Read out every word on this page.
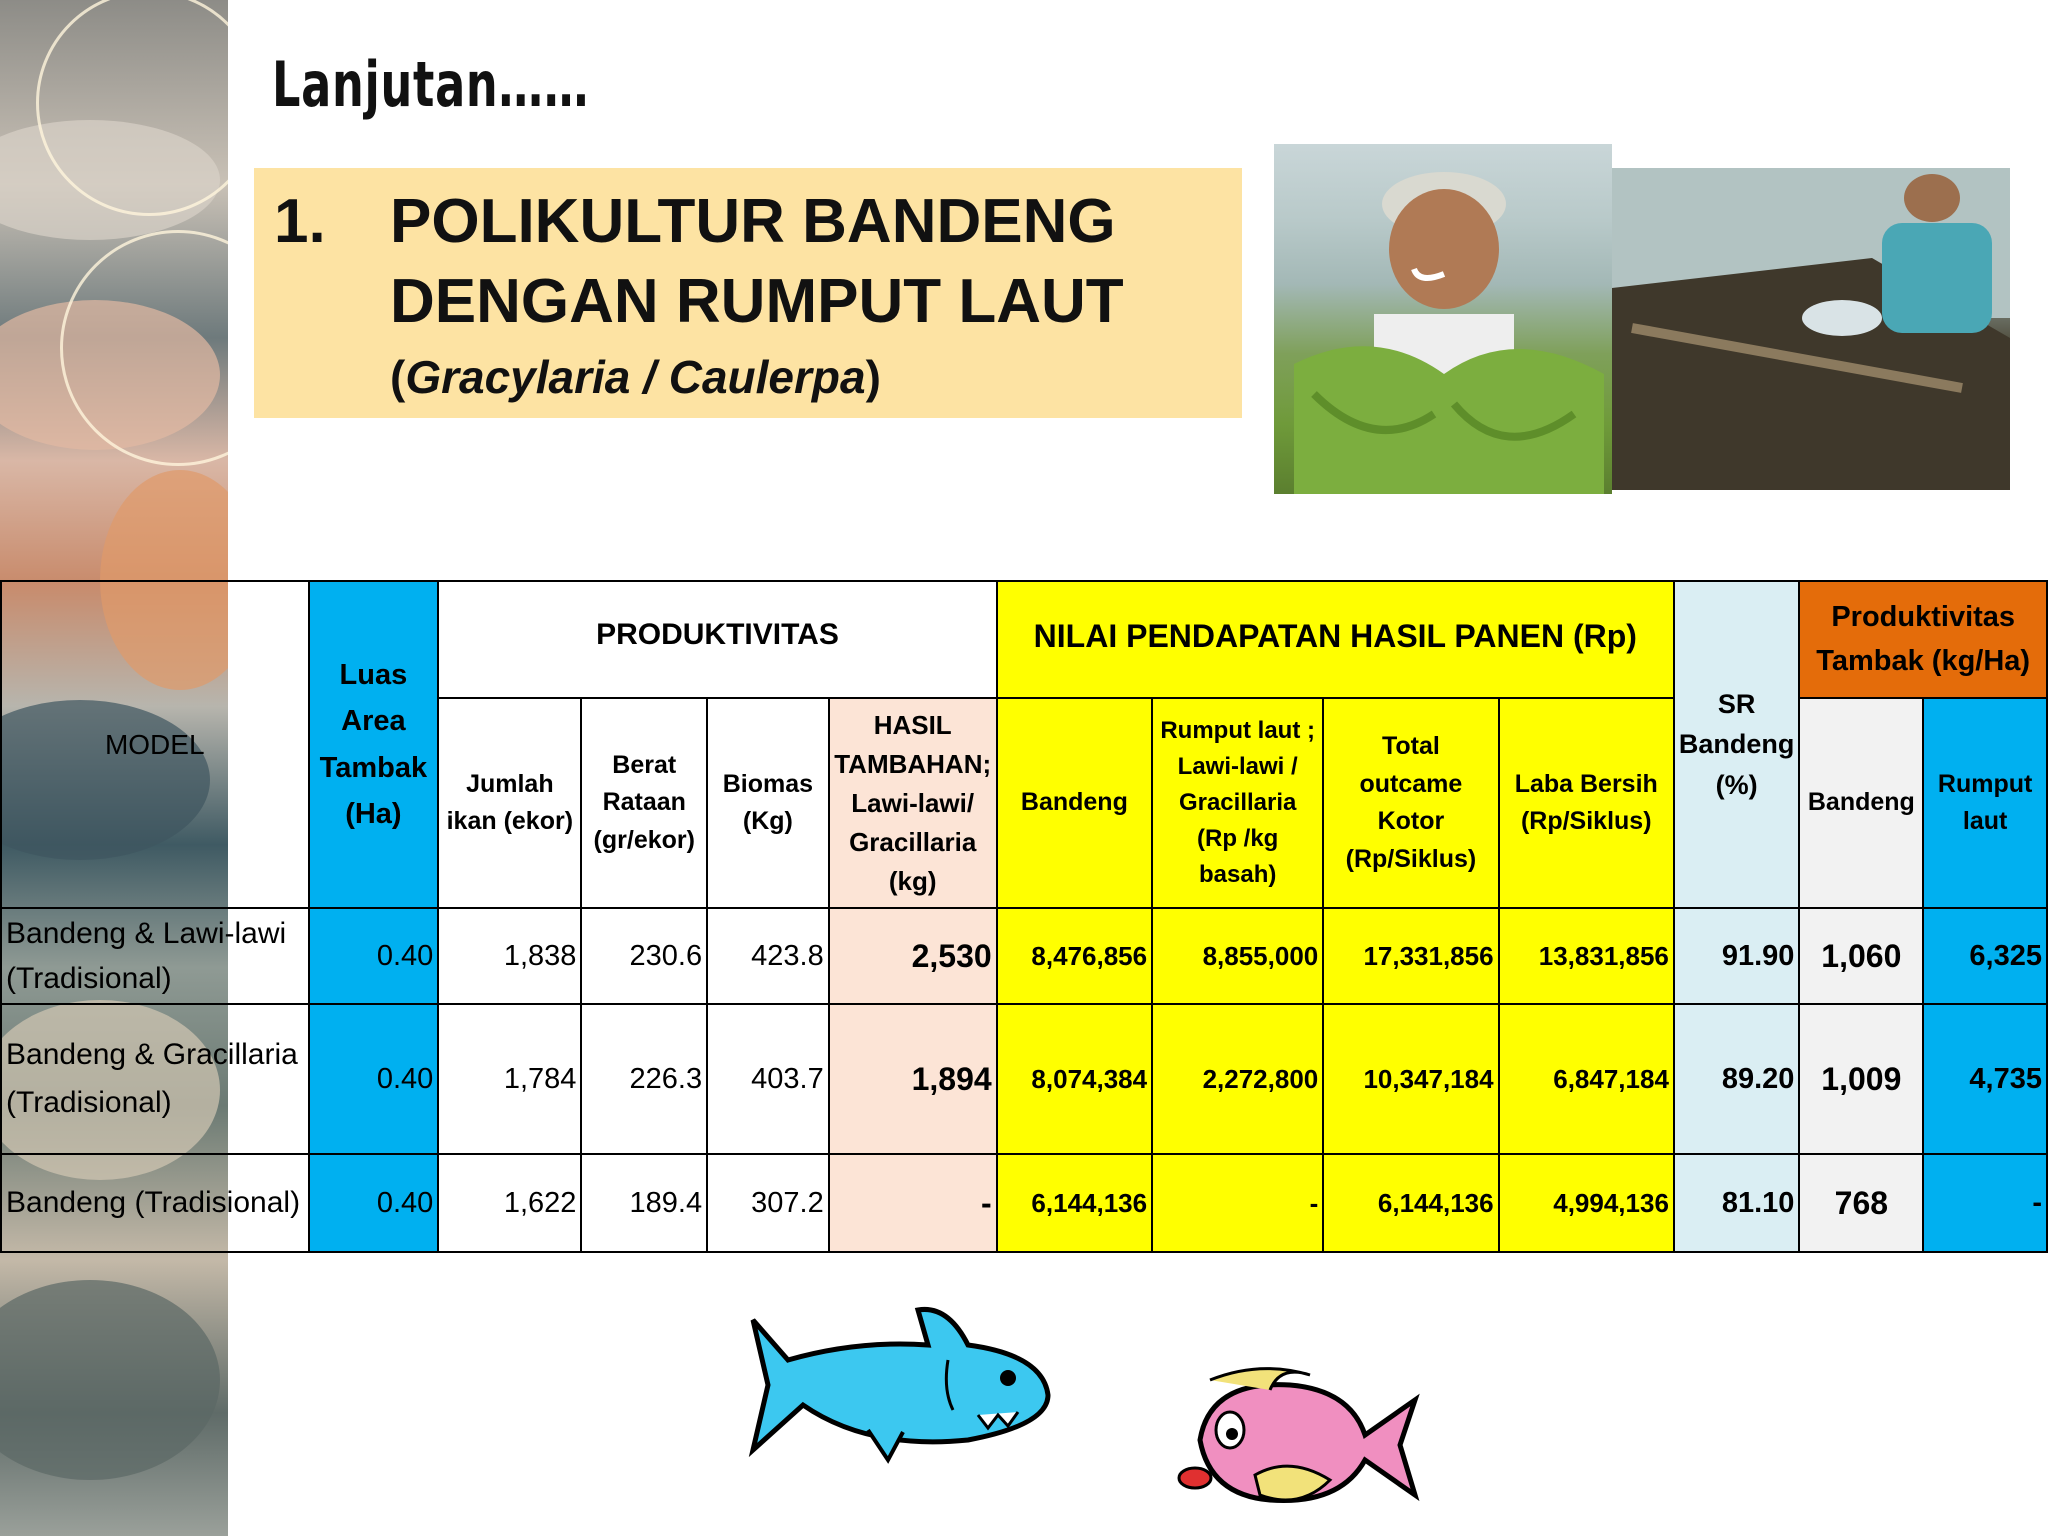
Lanjutan……
1. POLIKULTUR BANDENG
DENGAN RUMPUT LAUT
(Gracylaria / Caulerpa)
MODEL	Luas Area Tambak (Ha)	PRODUKTIVITAS				NILAI PENDAPATAN HASIL PANEN (Rp)				SR Bandeng (%)	Produktivitas Tambak (kg/Ha)	
		Jumlah ikan (ekor)	Berat Rataan (gr/ekor)	Biomas (Kg)	HASIL TAMBAHAN; Lawi-lawi/ Gracillaria (kg)	Bandeng	Rumput laut ; Lawi-lawi / Gracillaria (Rp /kg basah)	Total outcame Kotor (Rp/Siklus)	Laba Bersih (Rp/Siklus)		Bandeng	Rumput laut
Bandeng & Lawi-lawi (Tradisional)	0.40	1,838	230.6	423.8	2,530	8,476,856	8,855,000	17,331,856	13,831,856	91.90	1,060	6,325
Bandeng & Gracillaria (Tradisional)	0.40	1,784	226.3	403.7	1,894	8,074,384	2,272,800	10,347,184	6,847,184	89.20	1,009	4,735
Bandeng (Tradisional)	0.40	1,622	189.4	307.2	-	6,144,136	-	6,144,136	4,994,136	81.10	768	-
